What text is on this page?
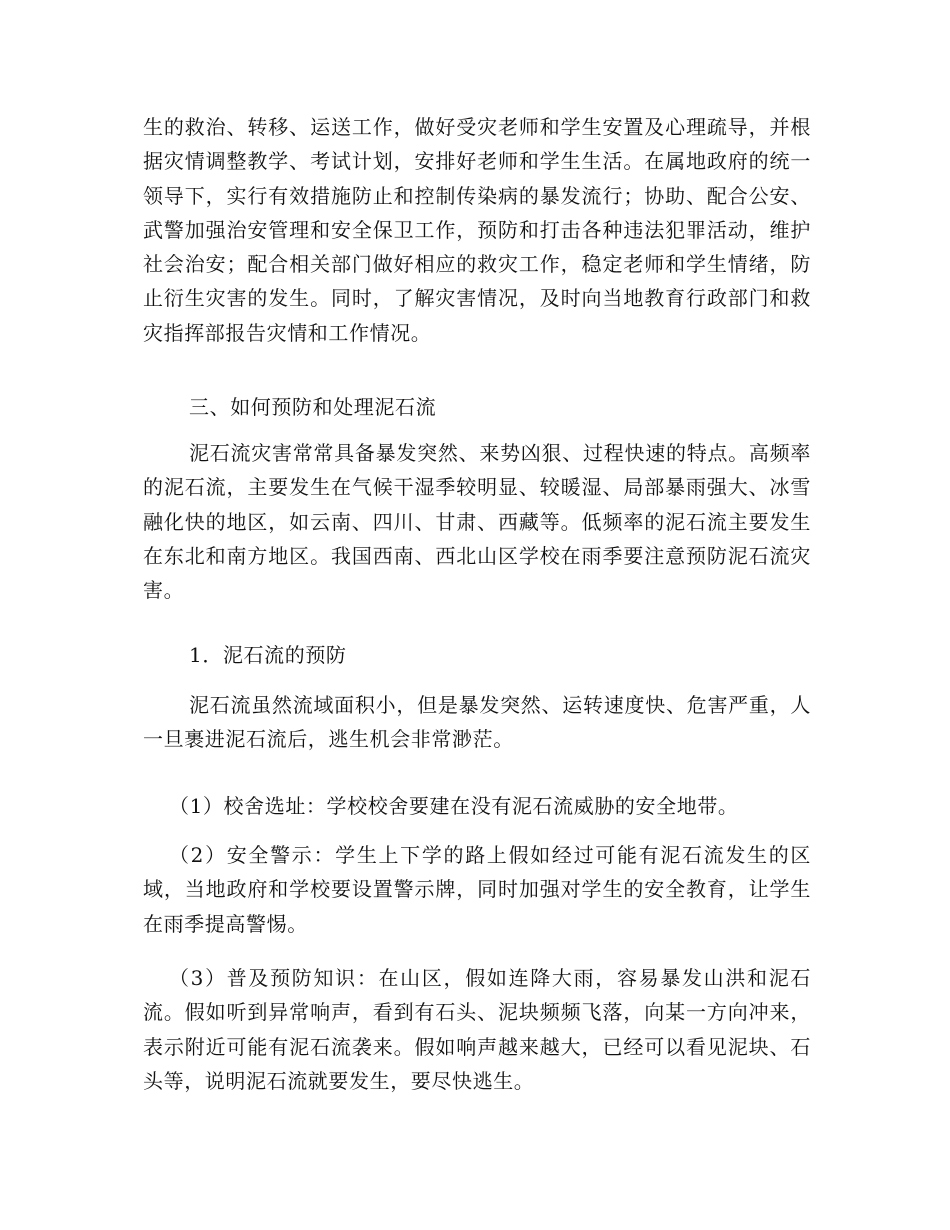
生的救治、转移、运送工作，做好受灾老师和学生安置及心理疏导，并根据灾情调整教学、考试计划，安排好老师和学生生活。在属地政府的统一领导下，实行有效措施防止和控制传染病的暴发流行；协助、配合公安、武警加强治安管理和安全保卫工作，预防和打击各种违法犯罪活动，维护社会治安；配合相关部门做好相应的救灾工作，稳定老师和学生情绪，防止衍生灾害的发生。同时，了解灾害情况，及时向当地教育行政部门和救灾指挥部报告灾情和工作情况。

三、如何预防和处理泥石流

泥石流灾害常常具备暴发突然、来势凶狠、过程快速的特点。高频率的泥石流，主要发生在气候干湿季较明显、较暖湿、局部暴雨强大、冰雪融化快的地区，如云南、四川、甘肃、西藏等。低频率的泥石流主要发生在东北和南方地区。我国西南、西北山区学校在雨季要注意预防泥石流灾害。

1．泥石流的预防

泥石流虽然流域面积小，但是暴发突然、运转速度快、危害严重，人一旦裹进泥石流后，逃生机会非常渺茫。

（1）校舍选址：学校校舍要建在没有泥石流威胁的安全地带。

（2）安全警示：学生上下学的路上假如经过可能有泥石流发生的区域，当地政府和学校要设置警示牌，同时加强对学生的安全教育，让学生在雨季提高警惕。

（3）普及预防知识：在山区，假如连降大雨，容易暴发山洪和泥石流。假如听到异常响声，看到有石头、泥块频频飞落，向某一方向冲来，表示附近可能有泥石流袭来。假如响声越来越大，已经可以看见泥块、石头等，说明泥石流就要发生，要尽快逃生。
